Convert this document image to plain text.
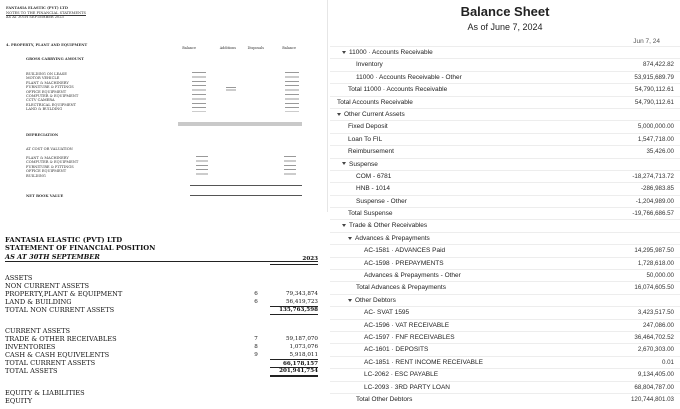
FANTASIA ELASTIC (PVT) LTD
NOTES TO THE FINANCIAL STATEMENTS
AS AT 30TH SEPTEMBER 2023
4. PROPERTY, PLANT AND EQUIPMENT
Balance	Additions	Disposals	Balance
GROSS CARRYING AMOUNT
BUILDING ON LEASE
MOTOR VEHICLE
PLANT & MACHINERY
FURNITURE & FITTINGS
OFFICE EQUIPMENT
COMPUTER & EQUIPMENT
CCTV CAMERA
ELECTRICAL EQUIPMENT
LAND & BUILDING
DEPRECIATION
AT COST OR VALUATION
PLANT & MACHINERY
COMPUTER & EQUIPMENT
FURNITURE & FITTINGS
OFFICE EQUIPMENT
BUILDING
NET BOOK VALUE
FANTASIA ELASTIC (PVT) LTD
STATEMENT OF FINANCIAL POSITION
AS AT 30TH SEPTEMBER	2023
ASSETS
NON CURRENT ASSETS
PROPERTY,PLANT & EQUIPMENT	6	79,343,874
LAND & BUILDING	6	56,419,723
TOTAL NON CURRENT ASSETS	135,763,598
CURRENT ASSETS
TRADE & OTHER RECEIVABLES	7	59,187,070
INVENTORIES	8	1,073,076
CASH & CASH EQUIVELENTS	9	5,918,011
TOTAL CURRENT ASSETS	66,178,157
TOTAL ASSETS	201,941,754
EQUITY & LIABILITIES
EQUITY
Balance Sheet
As of June 7, 2024
Jun 7, 24
11000 · Accounts Receivable
Inventory	874,422.82
11000 · Accounts Receivable - Other	53,915,689.79
Total 11000 · Accounts Receivable	54,790,112.61
Total Accounts Receivable	54,790,112.61
Other Current Assets
Fixed Deposit	5,000,000.00
Loan To FIL	1,547,718.00
Reimbursement	35,426.00
Suspense
COM - 6781	-18,274,713.72
HNB - 1014	-286,983.85
Suspense - Other	-1,204,989.00
Total Suspense	-19,766,686.57
Trade & Other Receivables
Advances & Prepayments
AC-1581 · ADVANCES Paid	14,295,987.50
AC-1598 · PREPAYMENTS	1,728,618.00
Advances & Prepayments - Other	50,000.00
Total Advances & Prepayments	16,074,605.50
Other Debtors
AC- SVAT 1595	3,423,517.50
AC-1596 · VAT RECEIVABLE	247,086.00
AC-1597 · FNF RECEIVABLES	36,464,702.52
AC-1601 · DEPOSITS	2,670,303.00
AC-1851 · RENT INCOME RECEIVABLE	0.01
LC-2062 · ESC PAYABLE	9,134,405.00
LC-2093 · 3RD PARTY LOAN	68,804,787.00
Total Other Debtors	120,744,801.03
